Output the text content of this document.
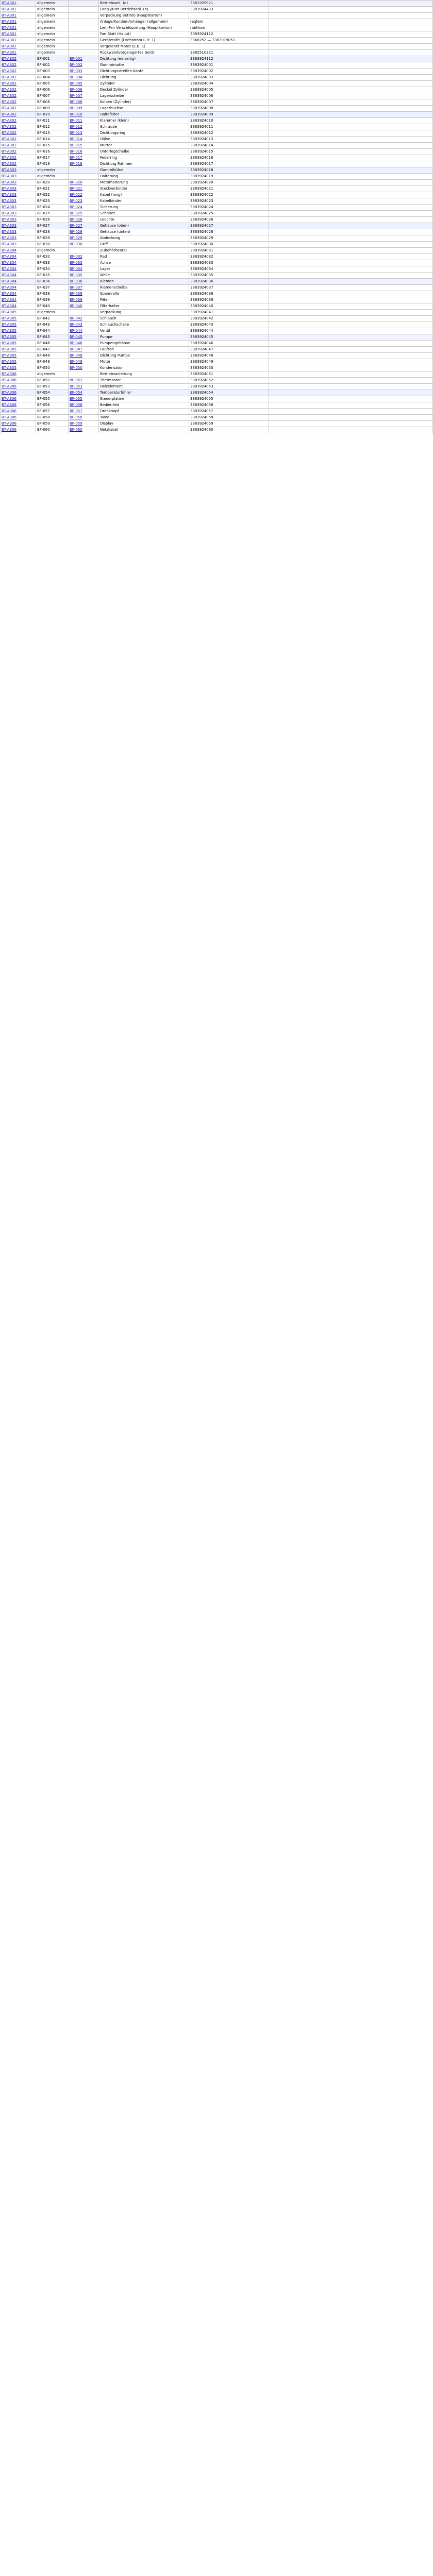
BT-A301	allgemein		Betriebsanl. (d)	3381925921	
BT-A301	allgemein		Lang-/Kurz-Betriebsanl. (n)	3383924433	
BT-A301	allgemein		Verpackung Betrieb (Hauptkarton)		
BT-A301	allgemein		Anlage/Kunden-Anhänger (allgemein)	reqfem	
BT-A301	allgemein		Lief.-Fan Verschlüsselung (Hauptkarton)	rabfkom	
BT-A301	allgemein		Fan Blatt (Haupt)	3383924112	
BT-A301	allgemein		Gerätetafel (Drehstrom u.R: 1)	3368252 — 3383919051	
BT-A301	allgemein		Vorgelenkt Motor (E.B. 1)		
BT-A301	allgemein		Rückwandvorgelagertes Gerät	3382510321	
BT-A302	BF-001	BF-001	Dichtung (einseitig)	3383924112	
BT-A302	BF-002	BF-002	Gummimatte	3383924001	
BT-A302	BF-003	BF-003	Dichtungsstreifen Kante	3383924002	
BT-A302	BF-004	BF-004	Dichtung	3383924003	
BT-A302	BF-005	BF-005	Zylinder	3383924004	
BT-A302	BF-006	BF-006	Deckel Zylinder	3383924005	
BT-A302	BF-007	BF-007	Lagerscheibe	3383924006	
BT-A302	BF-008	BF-008	Kolben (Zylinder)	3383924007	
BT-A302	BF-009	BF-009	Lagerbuchse	3383924008	
BT-A302	BF-010	BF-010	Haltefeder	3383924009	
BT-A302	BF-011	BF-011	Klammer (klein)	3383924010	
BT-A302	BF-012	BF-012	Schraube	3383924011	
BT-A302	BF-013	BF-013	Dichtungsring	3383924012	
BT-A302	BF-014	BF-014	Hülse	3383924013	
BT-A302	BF-015	BF-015	Mutter	3383924014	
BT-A302	BF-016	BF-016	Unterlegscheibe	3383924015	
BT-A302	BF-017	BF-017	Federring	3383924016	
BT-A302	BF-018	BF-018	Dichtung Rahmen	3383924017	
BT-A303	allgemein		Gummihülse	3383924018	
BT-A303	allgemein		Halterung	3383924019	
BT-A303	BF-020	BF-020	Motorhalterung	3383924020	
BT-A303	BF-021	BF-021	Steckverbinder	3383924021	
BT-A303	BF-022	BF-022	Kabel (lang)	3383924022	
BT-A303	BF-023	BF-023	Kabelbinder	3383924023	
BT-A303	BF-024	BF-024	Sicherung	3383924024	
BT-A303	BF-025	BF-025	Schalter	3383924025	
BT-A303	BF-026	BF-026	Leuchte	3383924026	
BT-A303	BF-027	BF-027	Gehäuse (oben)	3383924027	
BT-A303	BF-028	BF-028	Gehäuse (unten)	3383924028	
BT-A303	BF-029	BF-029	Abdeckung	3383924029	
BT-A303	BF-030	BF-030	Griff	3383924030	
BT-A304	allgemein		Zubehörbeutel	3383924031	
BT-A304	BF-032	BF-032	Rad	3383924032	
BT-A304	BF-033	BF-033	Achse	3383924033	
BT-A304	BF-034	BF-034	Lager	3383924034	
BT-A304	BF-035	BF-035	Welle	3383924035	
BT-A304	BF-036	BF-036	Riemen	3383924036	
BT-A304	BF-037	BF-037	Riemenscheibe	3383924037	
BT-A304	BF-038	BF-038	Spannrolle	3383924038	
BT-A304	BF-039	BF-039	Filter	3383924039	
BT-A304	BF-040	BF-040	Filterhalter	3383924040	
BT-A305	allgemein		Verpackung	3383924041	
BT-A305	BF-042	BF-042	Schlauch	3383924042	
BT-A305	BF-043	BF-043	Schlauchschelle	3383924043	
BT-A305	BF-044	BF-044	Ventil	3383924044	
BT-A305	BF-045	BF-045	Pumpe	3383924045	
BT-A305	BF-046	BF-046	Pumpengehäuse	3383924046	
BT-A305	BF-047	BF-047	Laufrad	3383924047	
BT-A305	BF-048	BF-048	Dichtung Pumpe	3383924048	
BT-A305	BF-049	BF-049	Motor	3383924049	
BT-A305	BF-050	BF-050	Kondensator	3383924050	
BT-A306	allgemein		Betriebsanleitung	3383924051	
BT-A306	BF-052	BF-052	Thermostat	3383924052	
BT-A306	BF-053	BF-053	Heizelement	3383924053	
BT-A306	BF-054	BF-054	Temperaturfühler	3383924054	
BT-A306	BF-055	BF-055	Steuerplatine	3383924055	
BT-A306	BF-056	BF-056	Bedienfeld	3383924056	
BT-A306	BF-057	BF-057	Drehknopf	3383924057	
BT-A306	BF-058	BF-058	Taste	3383924058	
BT-A306	BF-059	BF-059	Display	3383924059	
BT-A306	BF-060	BF-060	Netzkabel	3383924060	
